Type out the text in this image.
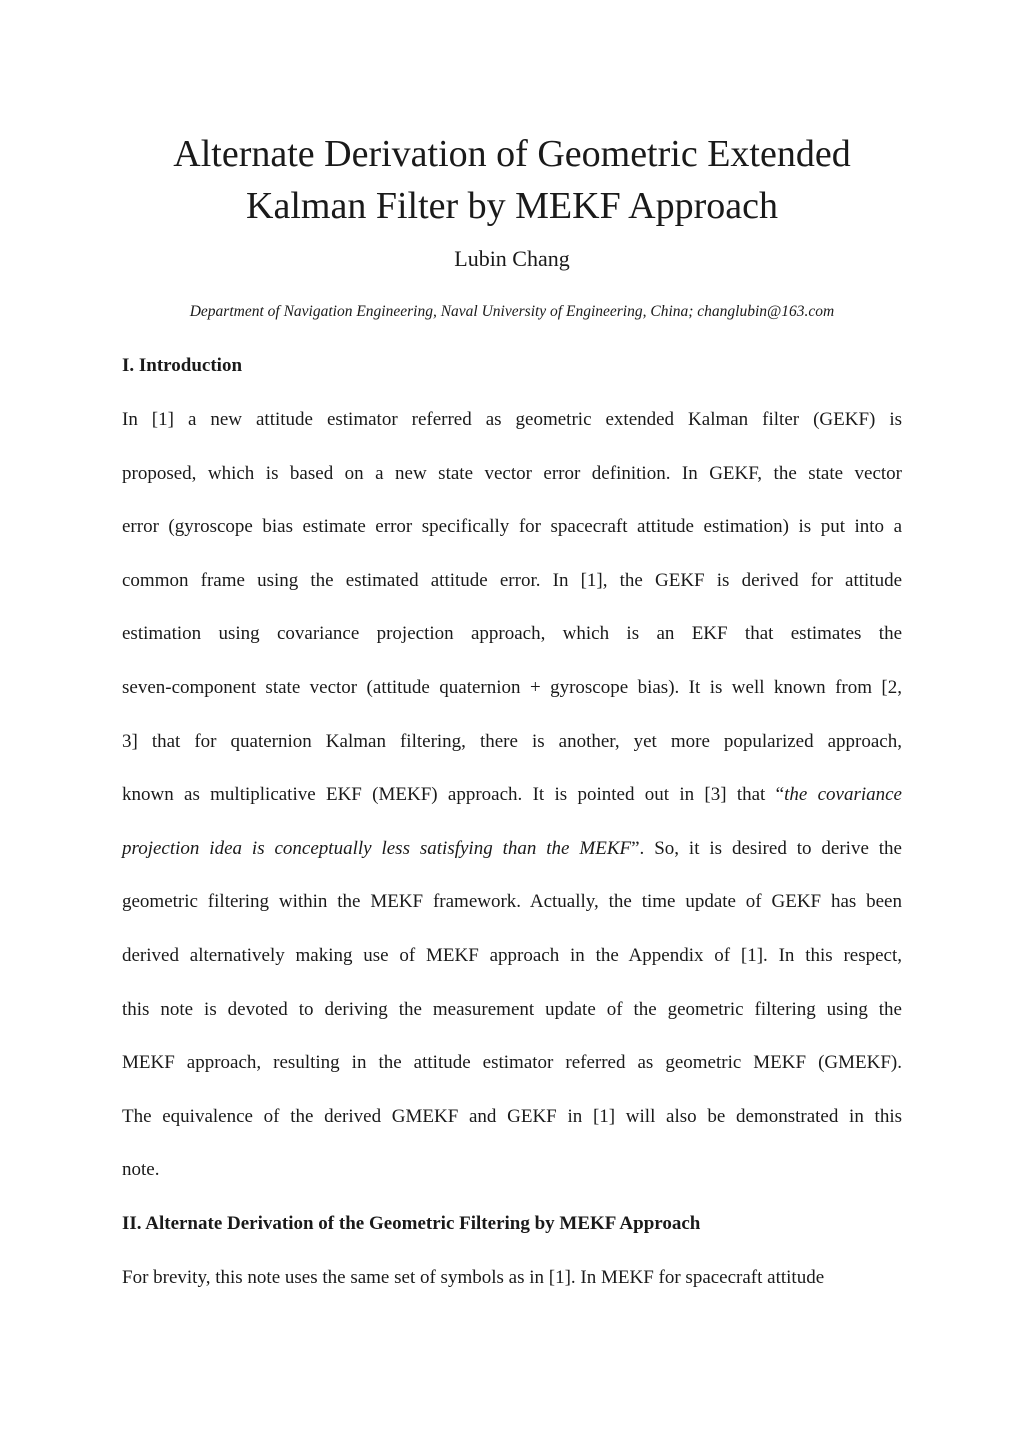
Alternate Derivation of Geometric Extended
Kalman Filter by MEKF Approach
Lubin Chang
Department of Navigation Engineering, Naval University of Engineering, China; changlubin@163.com
I. Introduction
In [1] a new attitude estimator referred as geometric extended Kalman filter (GEKF) is
proposed, which is based on a new state vector error definition. In GEKF, the state vector
error (gyroscope bias estimate error specifically for spacecraft attitude estimation) is put into a
common frame using the estimated attitude error. In [1], the GEKF is derived for attitude
estimation using covariance projection approach, which is an EKF that estimates the
seven-component state vector (attitude quaternion + gyroscope bias). It is well known from [2,
3] that for quaternion Kalman filtering, there is another, yet more popularized approach,
known as multiplicative EKF (MEKF) approach. It is pointed out in [3] that “the covariance
projection idea is conceptually less satisfying than the MEKF”. So, it is desired to derive the
geometric filtering within the MEKF framework. Actually, the time update of GEKF has been
derived alternatively making use of MEKF approach in the Appendix of [1]. In this respect,
this note is devoted to deriving the measurement update of the geometric filtering using the
MEKF approach, resulting in the attitude estimator referred as geometric MEKF (GMEKF).
The equivalence of the derived GMEKF and GEKF in [1] will also be demonstrated in this
note.
II. Alternate Derivation of the Geometric Filtering by MEKF Approach
For brevity, this note uses the same set of symbols as in [1]. In MEKF for spacecraft attitude
